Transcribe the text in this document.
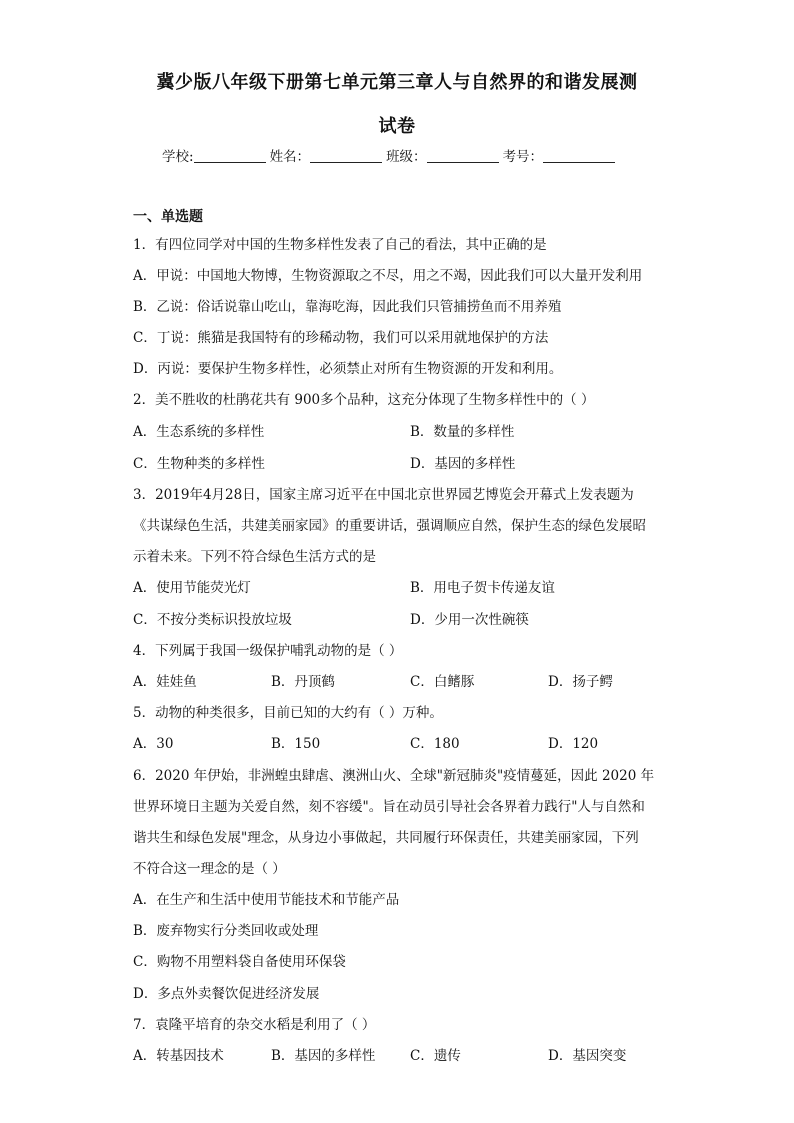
冀少版八年级下册第七单元第三章人与自然界的和谐发展测
试卷
学校:	姓名：	班级：	考号：
一、单选题
1．有四位同学对中国的生物多样性发表了自己的看法，其中正确的是
A．甲说：中国地大物博，生物资源取之不尽，用之不竭，因此我们可以大量开发利用
B．乙说：俗话说靠山吃山，靠海吃海，因此我们只管捕捞鱼而不用养殖
C．丁说：熊猫是我国特有的珍稀动物，我们可以采用就地保护的方法
D．丙说：要保护生物多样性，必须禁止对所有生物资源的开发和利用。
2．美不胜收的杜鹃花共有 900多个品种，这充分体现了生物多样性中的（ ）
A．生态系统的多样性	B．数量的多样性
C．生物种类的多样性	D．基因的多样性
3．2019年4月28日，国家主席习近平在中国北京世界园艺博览会开幕式上发表题为
《共谋绿色生活，共建美丽家园》的重要讲话，强调顺应自然，保护生态的绿色发展昭
示着未来。下列不符合绿色生活方式的是
A．使用节能荧光灯	B．用电子贺卡传递友谊
C．不按分类标识投放垃圾	D．少用一次性碗筷
4．下列属于我国一级保护哺乳动物的是（ ）
A．娃娃鱼	B．丹顶鹤	C．白鳍豚	D．扬子鳄
5．动物的种类很多，目前已知的大约有（ ）万种。
A．30	B．150	C．180	D．120
6．2020 年伊始，非洲蝗虫肆虐、澳洲山火、全球"新冠肺炎"疫情蔓延，因此 2020 年
世界环境日主题为关爱自然，刻不容缓"。旨在动员引导社会各界着力践行"人与自然和
谐共生和绿色发展"理念，从身边小事做起，共同履行环保责任，共建美丽家园，下列
不符合这一理念的是（ ）
A．在生产和生活中使用节能技术和节能产品
B．废弃物实行分类回收或处理
C．购物不用塑料袋自备使用环保袋
D．多点外卖餐饮促进经济发展
7．袁隆平培育的杂交水稻是利用了（ ）
A．转基因技术	B．基因的多样性	C．遗传	D．基因突变
